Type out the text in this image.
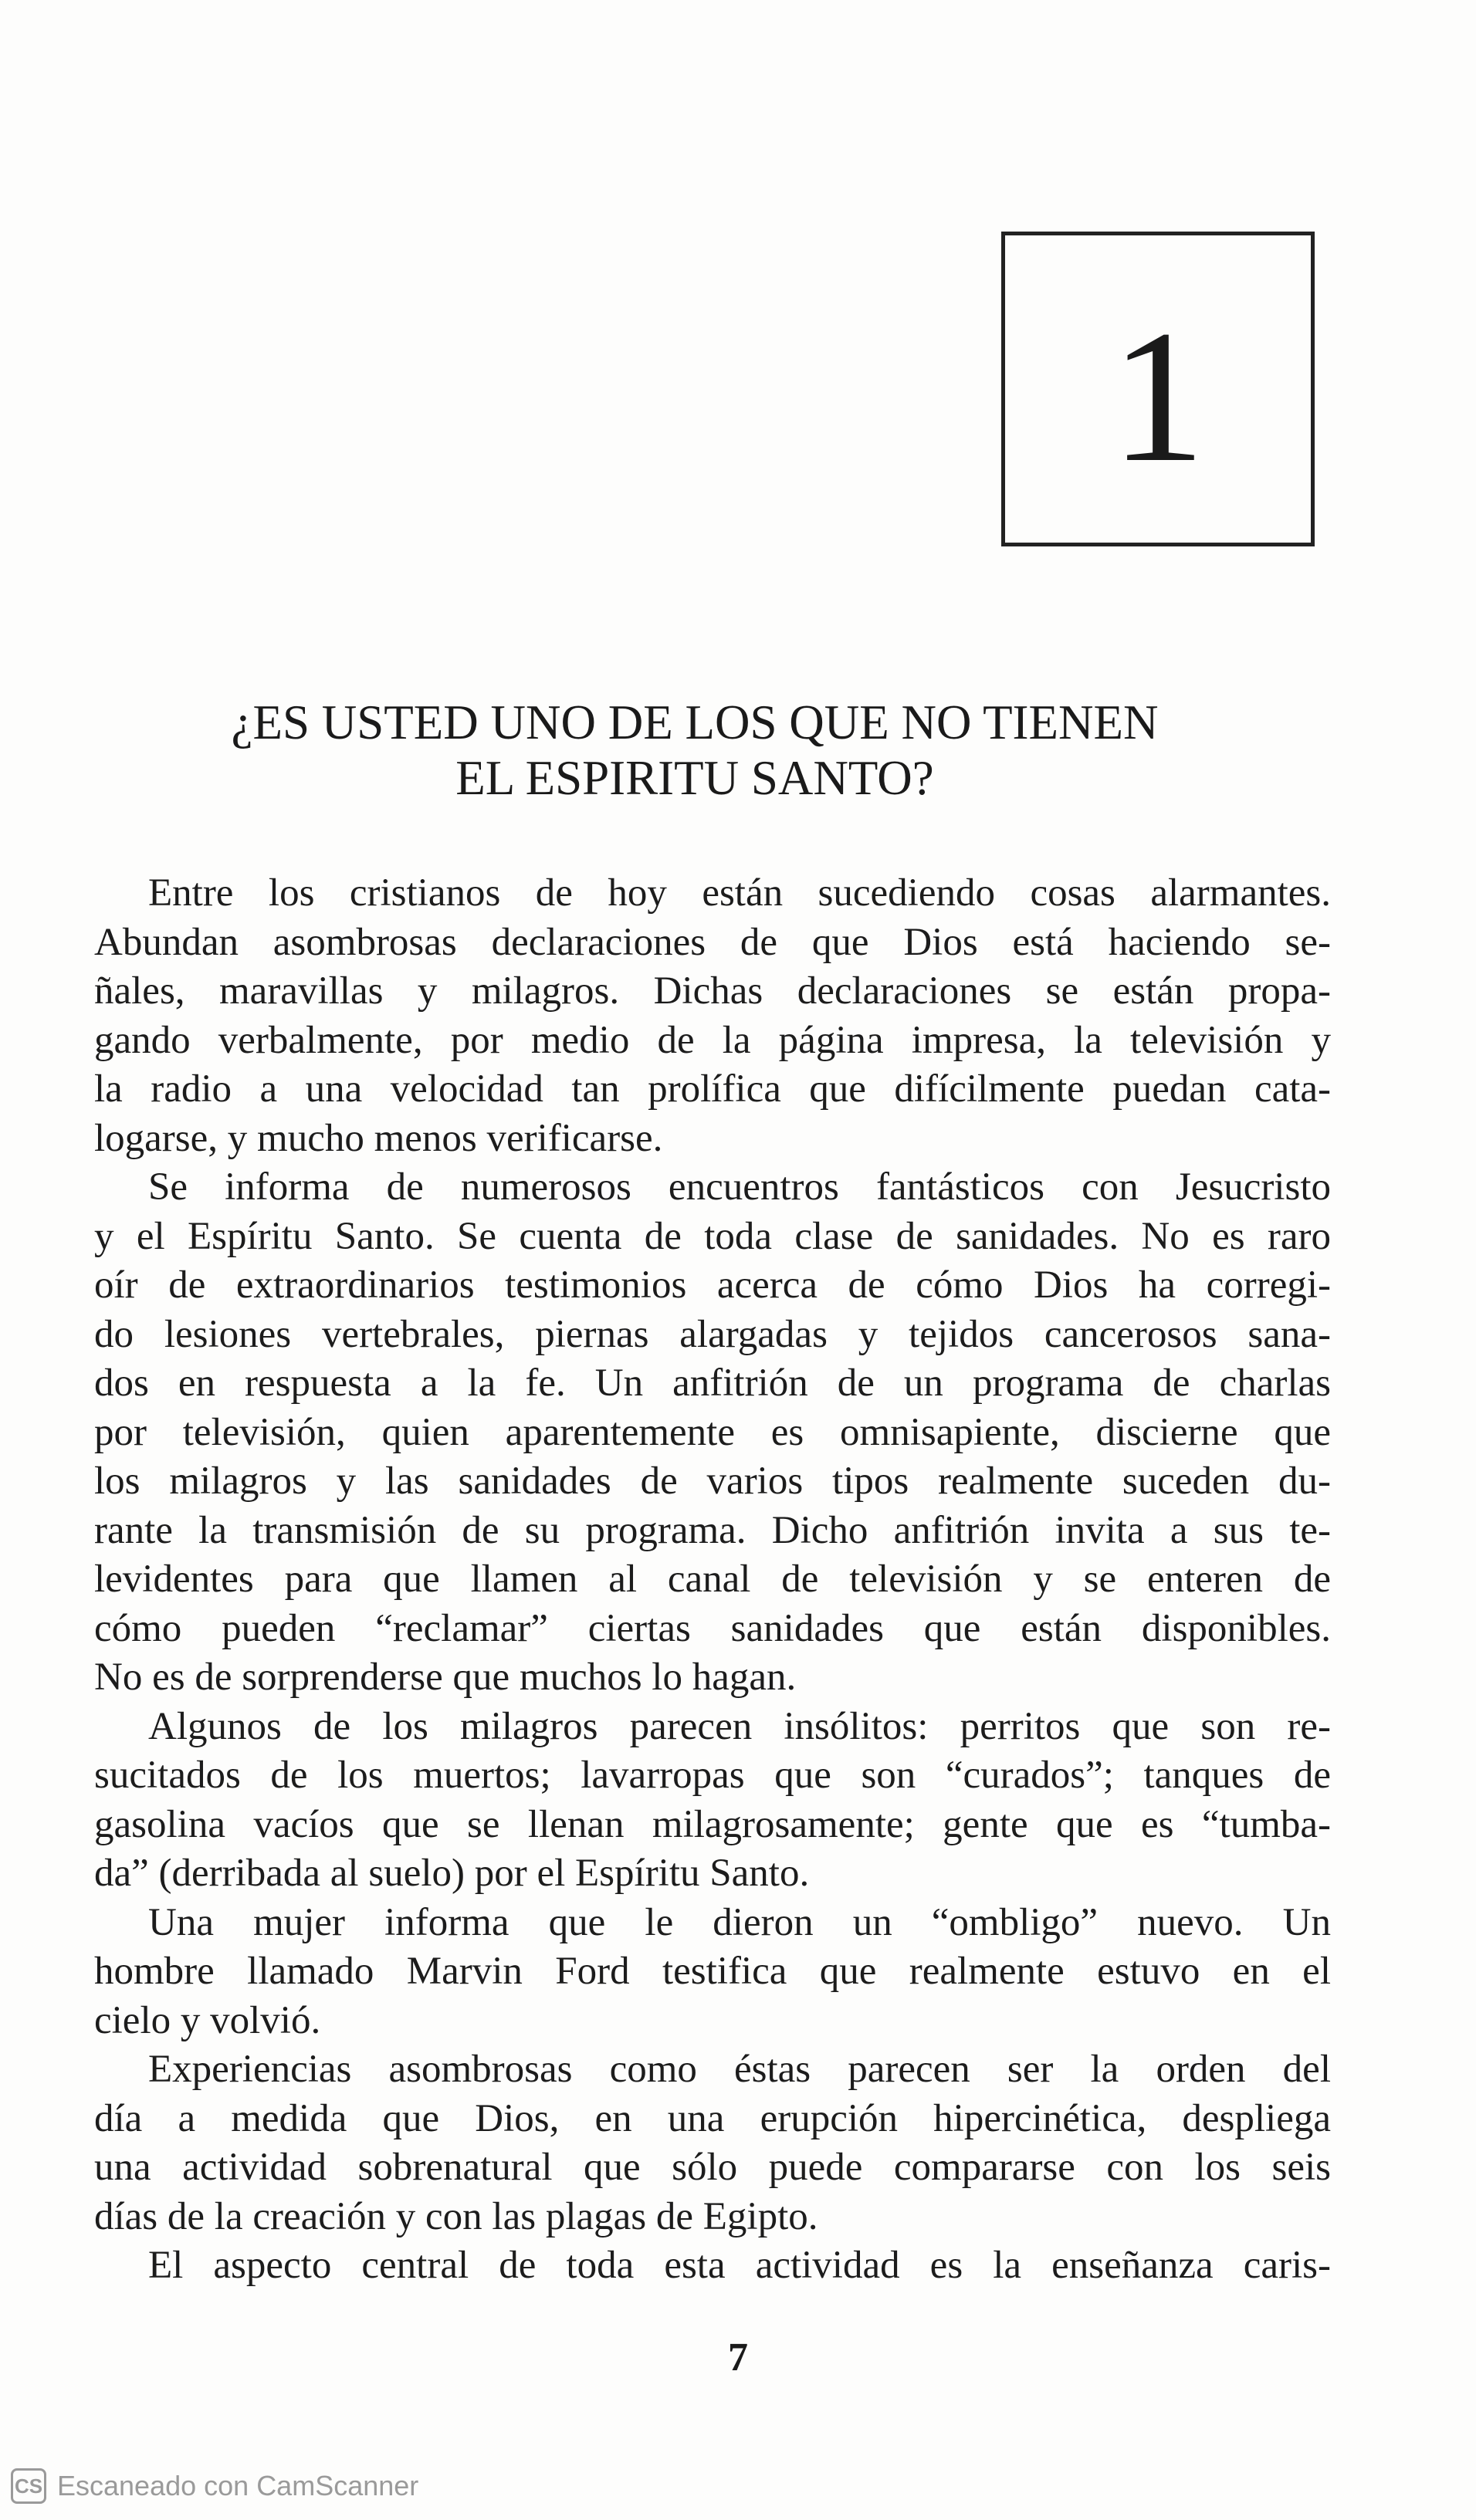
1
¿ES USTED UNO DE LOS QUE NO TIENEN
EL ESPIRITU SANTO?
Entre los cristianos de hoy están sucediendo cosas alarmantes.
Abundan asombrosas declaraciones de que Dios está haciendo se-
ñales, maravillas y milagros. Dichas declaraciones se están propa-
gando verbalmente, por medio de la página impresa, la televisión y
la radio a una velocidad tan prolífica que difícilmente puedan cata-
logarse, y mucho menos verificarse.
Se informa de numerosos encuentros fantásticos con Jesucristo
y el Espíritu Santo. Se cuenta de toda clase de sanidades. No es raro
oír de extraordinarios testimonios acerca de cómo Dios ha corregi-
do lesiones vertebrales, piernas alargadas y tejidos cancerosos sana-
dos en respuesta a la fe. Un anfitrión de un programa de charlas
por televisión, quien aparentemente es omnisapiente, discierne que
los milagros y las sanidades de varios tipos realmente suceden du-
rante la transmisión de su programa. Dicho anfitrión invita a sus te-
levidentes para que llamen al canal de televisión y se enteren de
cómo pueden “reclamar” ciertas sanidades que están disponibles.
No es de sorprenderse que muchos lo hagan.
Algunos de los milagros parecen insólitos: perritos que son re-
sucitados de los muertos; lavarropas que son “curados”; tanques de
gasolina vacíos que se llenan milagrosamente; gente que es “tumba-
da” (derribada al suelo) por el Espíritu Santo.
Una mujer informa que le dieron un “ombligo” nuevo. Un
hombre llamado Marvin Ford testifica que realmente estuvo en el
cielo y volvió.
Experiencias asombrosas como éstas parecen ser la orden del
día a medida que Dios, en una erupción hipercinética, despliega
una actividad sobrenatural que sólo puede compararse con los seis
días de la creación y con las plagas de Egipto.
El aspecto central de toda esta actividad es la enseñanza caris-
7
CS Escaneado con CamScanner
